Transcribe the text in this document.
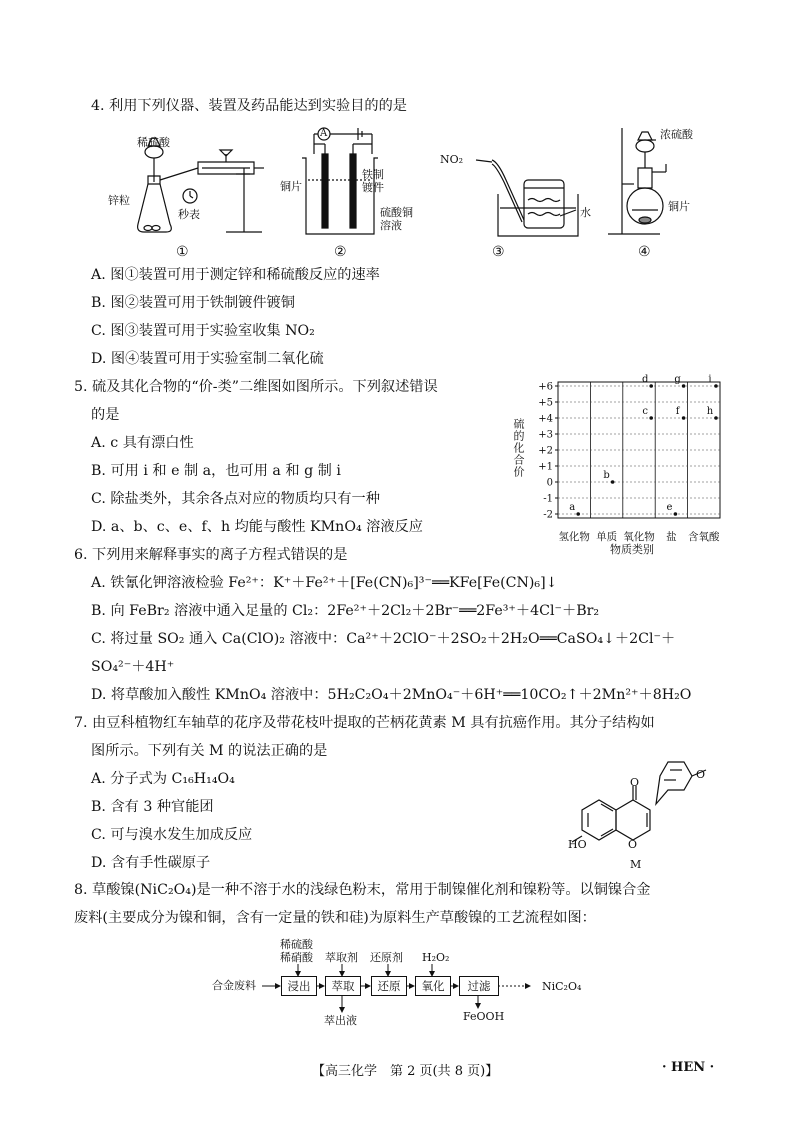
4. 利用下列仪器、装置及药品能达到实验目的的是
稀硫酸
锌粒
秒表
①
A
铜片
铁制
镀件
硫酸铜
溶液
②
NO₂
水
③
浓硫酸
铜片
④
A. 图①装置可用于测定锌和稀硫酸反应的速率
B. 图②装置可用于铁制镀件镀铜
C. 图③装置可用于实验室收集 NO₂
D. 图④装置可用于实验室制二氧化硫
5. 硫及其化合物的“价-类”二维图如图所示。下列叙述错误
的是
A. c 具有漂白性
B. 可用 i 和 e 制 a，也可用 a 和 g 制 i
C. 除盐类外，其余各点对应的物质均只有一种
D. a、b、c、e、f、h 均能与酸性 KMnO₄ 溶液反应
+6
+5
+4
+3
+2
+1
0
-1
-2
氢化物 单质 氧化物 盐 含氧酸
a
b
c
d
e
f
g
h
i
硫的化合价
物质类别
6. 下列用来解释事实的离子方程式错误的是
A. 铁氰化钾溶液检验 Fe²⁺：K⁺＋Fe²⁺＋[Fe(CN)₆]³⁻══KFe[Fe(CN)₆]↓
B. 向 FeBr₂ 溶液中通入足量的 Cl₂：2Fe²⁺＋2Cl₂＋2Br⁻══2Fe³⁺＋4Cl⁻＋Br₂
C. 将过量 SO₂ 通入 Ca(ClO)₂ 溶液中：Ca²⁺＋2ClO⁻＋2SO₂＋2H₂O══CaSO₄↓＋2Cl⁻＋
SO₄²⁻＋4H⁺
D. 将草酸加入酸性 KMnO₄ 溶液中：5H₂C₂O₄＋2MnO₄⁻＋6H⁺══10CO₂↑＋2Mn²⁺＋8H₂O
7. 由豆科植物红车轴草的花序及带花枝叶提取的芒柄花黄素 M 具有抗癌作用。其分子结构如
图所示。下列有关 M 的说法正确的是
A. 分子式为 C₁₆H₁₄O₄
B. 含有 3 种官能团
C. 可与溴水发生加成反应
D. 含有手性碳原子
O
O
O
HO
M
8. 草酸镍(NiC₂O₄)是一种不溶于水的浅绿色粉末，常用于制镍催化剂和镍粉等。以铜镍合金
废料(主要成分为镍和铜，含有一定量的铁和硅)为原料生产草酸镍的工艺流程如图：
合金废料
稀硫酸
稀硝酸 萃取剂 还原剂 H₂O₂
浸出	萃取	还原	氧化	过滤
萃出液	FeOOH
NiC₂O₄
【高三化学　第 2 页(共 8 页)】	· HEN ·
